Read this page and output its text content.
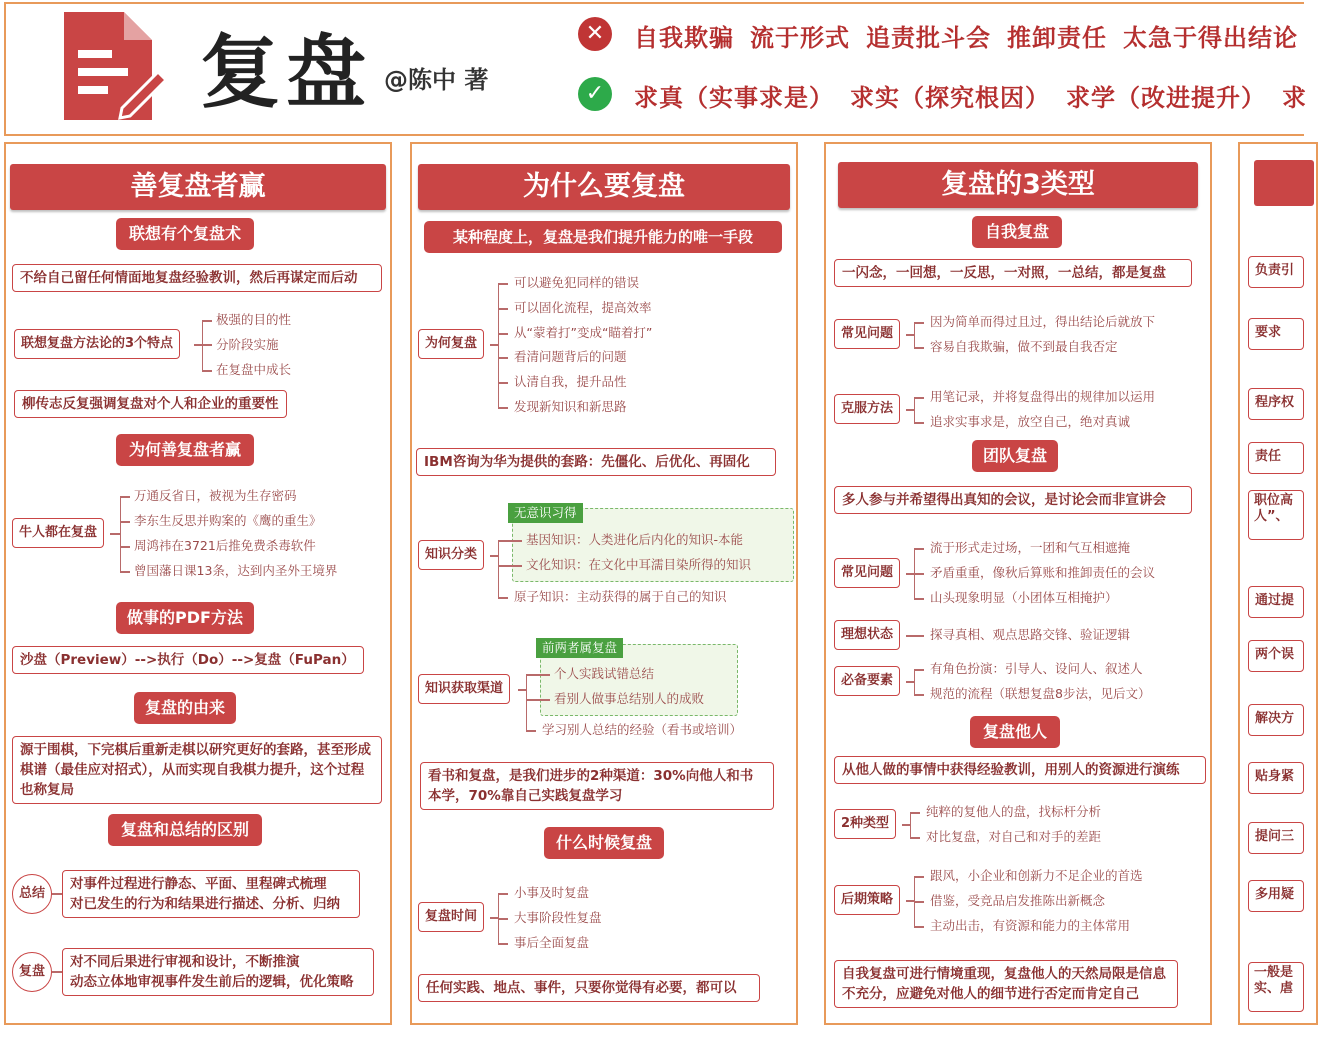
复盘 @陈中 著
✕
✓
自我欺骗 流于形式 追责批斗会 推卸责任 太急于得出结论
求真（实事求是） 求实（探究根因） 求学（改进提升） 求
善复盘者赢
联想有个复盘术
不给自己留任何情面地复盘经验教训，然后再谋定而后动
联想复盘方法论的3个特点
极强的目的性
分阶段实施
在复盘中成长
柳传志反复强调复盘对个人和企业的重要性
为何善复盘者赢
牛人都在复盘
万通反省日，被视为生存密码
李东生反思并购案的《鹰的重生》
周鸿祎在3721后推免费杀毒软件
曾国藩日课13条，达到内圣外王境界
做事的PDF方法
沙盘（Preview）-->执行（Do）-->复盘（FuPan）
复盘的由来
源于围棋，下完棋后重新走棋以研究更好的套路，甚至形成棋谱（最佳应对招式），从而实现自我棋力提升，这个过程也称复局
复盘和总结的区别
总结
对事件过程进行静态、平面、里程碑式梳理
对已发生的行为和结果进行描述、分析、归纳
复盘
对不同后果进行审视和设计，不断推演
动态立体地审视事件发生前后的逻辑，优化策略
为什么要复盘
某种程度上，复盘是我们提升能力的唯一手段
为何复盘
可以避免犯同样的错误
可以固化流程，提高效率
从“蒙着打”变成“瞄着打”
看清问题背后的问题
认清自我，提升品性
发现新知识和新思路
IBM咨询为华为提供的套路：先僵化、后优化、再固化
无意识习得
知识分类
基因知识：人类进化后内化的知识-本能
文化知识：在文化中耳濡目染所得的知识
原子知识：主动获得的属于自己的知识
前两者属复盘
知识获取渠道
个人实践试错总结
看别人做事总结别人的成败
学习别人总结的经验（看书或培训）
看书和复盘，是我们进步的2种渠道：30%向他人和书本学，70%靠自己实践复盘学习
什么时候复盘
复盘时间
小事及时复盘
大事阶段性复盘
事后全面复盘
任何实践、地点、事件，只要你觉得有必要，都可以
复盘的3类型
自我复盘
一闪念，一回想，一反思，一对照，一总结，都是复盘
常见问题
因为简单而得过且过，得出结论后就放下
容易自我欺骗，做不到最自我否定
克服方法
用笔记录，并将复盘得出的规律加以运用
追求实事求是，放空自己，绝对真诚
团队复盘
多人参与并希望得出真知的会议，是讨论会而非宣讲会
常见问题
流于形式走过场，一团和气互相遮掩
矛盾重重，像秋后算账和推卸责任的会议
山头现象明显（小团体互相掩护）
理想状态	探寻真相、观点思路交锋、验证逻辑
必备要素
有角色扮演：引导人、设问人、叙述人
规范的流程（联想复盘8步法，见后文）
复盘他人
从他人做的事情中获得经验教训，用别人的资源进行演练
2种类型
纯粹的复他人的盘，找标杆分析
对比复盘，对自己和对手的差距
后期策略
跟风，小企业和创新力不足企业的首选
借鉴，受竞品启发推陈出新概念
主动出击，有资源和能力的主体常用
自我复盘可进行情境重现，复盘他人的天然局限是信息不充分，应避免对他人的细节进行否定而肯定自己
负责引
要求
程序权
责任
职位高
人”、
通过提
两个误
解决方
贴身紧
提问三
多用疑
一般是
实、虐
